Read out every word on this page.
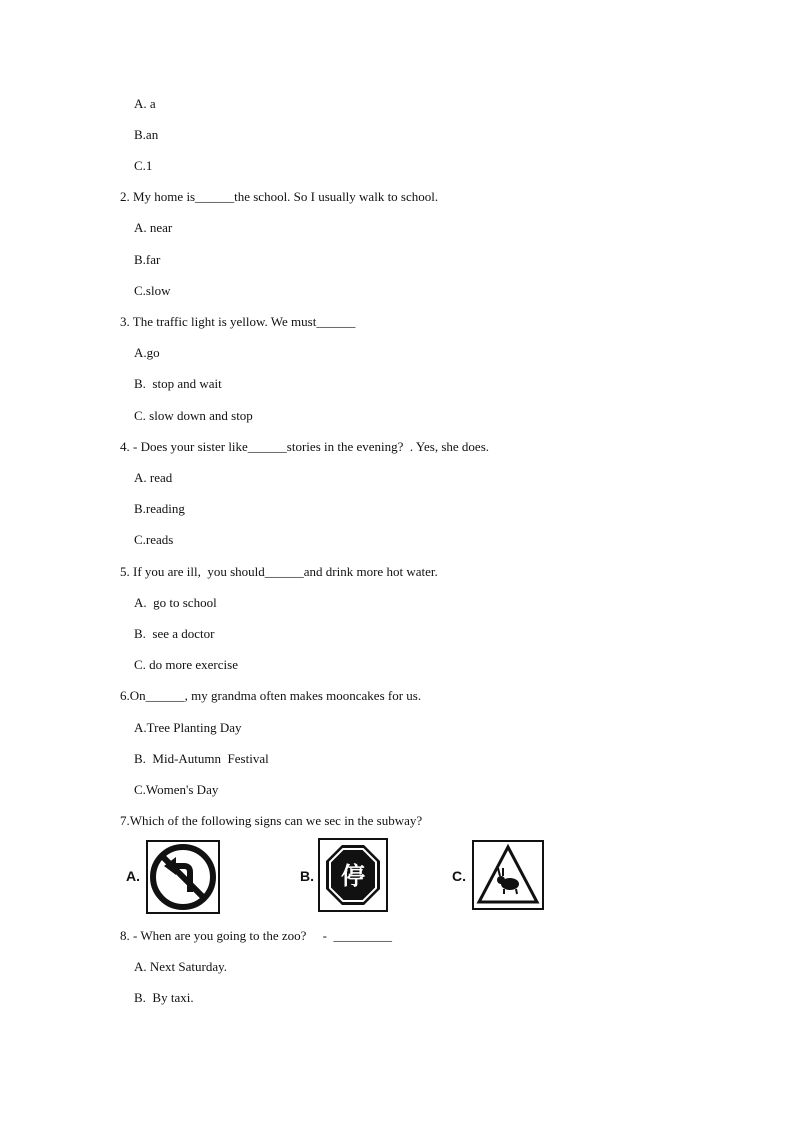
A. a
B.an
C.1
2. My home is______the school. So I usually walk to school.
A. near
B.far
C.slow
3. The traffic light is yellow. We must______
A.go
B.  stop and wait
C. slow down and stop
4. - Does your sister like______stories in the evening?  . Yes, she does.
A. read
B.reading
C.reads
5. If you are ill,  you should______and drink more hot water.
A.  go to school
B.  see a doctor
C. do more exercise
6.On______, my grandma often makes mooncakes for us.
A.Tree Planting Day
B.  Mid-Autumn  Festival
C.Women's Day
7.Which of the following signs can we sec in the subway?
A.	B. 停	C.
8. - When are you going to the zoo?     -  _________
A. Next Saturday.
B.  By taxi.
